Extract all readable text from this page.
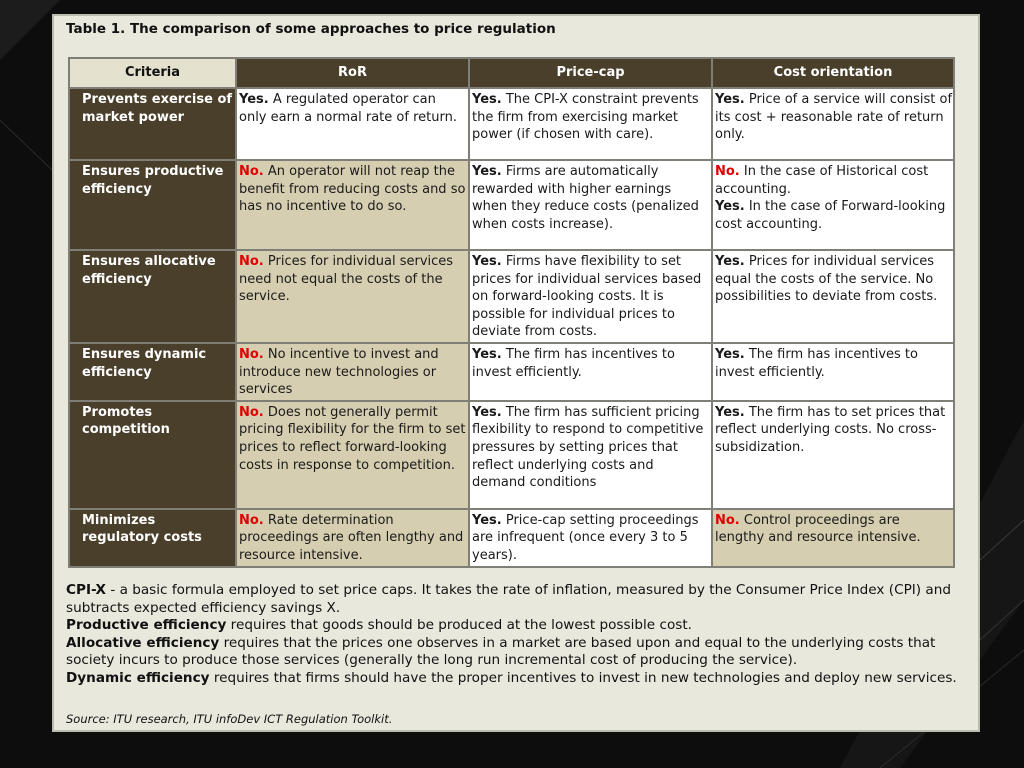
Table 1. The comparison of some approaches to price regulation
Criteria	RoR	Price-cap	Cost orientation
Prevents exercise of market power	Yes. A regulated operator can only earn a normal rate of return.	Yes. The CPI-X constraint prevents the firm from exercising market power (if chosen with care).	Yes. Price of a service will consist of its cost + reasonable rate of return only.

Ensures productive efficiency	No. An operator will not reap the benefit from reducing costs and so has no incentive to do so.	Yes. Firms are automatically rewarded with higher earnings when they reduce costs (penalized when costs increase).	No. In the case of Historical cost accounting.
Yes. In the case of Forward-looking cost accounting.

Ensures allocative efficiency	No. Prices for individual services need not equal the costs of the service.	Yes. Firms have flexibility to set prices for individual services based on forward-looking costs. It is possible for individual prices to deviate from costs.	Yes. Prices for individual services equal the costs of the service. No possibilities to deviate from costs.

Ensures dynamic efficiency	No. No incentive to invest and introduce new technologies or services	Yes. The firm has incentives to invest efficiently.	Yes. The firm has incentives to invest efficiently.

Promotes competition	No. Does not generally permit pricing flexibility for the firm to set prices to reflect forward-looking costs in response to competition.	Yes. The firm has sufficient pricing flexibility to respond to competitive pressures by setting prices that reflect underlying costs and demand conditions	Yes. The firm has to set prices that reflect underlying costs. No cross-subsidization.

Minimizes regulatory costs	No. Rate determination proceedings are often lengthy and resource intensive.	Yes. Price-cap setting proceedings are infrequent (once every 3 to 5 years).	No. Control proceedings are lengthy and resource intensive.

CPI-X - a basic formula employed to set price caps. It takes the rate of inflation, measured by the Consumer Price Index (CPI) and subtracts expected efficiency savings X.

Productive efficiency requires that goods should be produced at the lowest possible cost.

Allocative efficiency requires that the prices one observes in a market are based upon and equal to the underlying costs that society incurs to produce those services (generally the long run incremental cost of producing the service).

Dynamic efficiency requires that firms should have the proper incentives to invest in new technologies and deploy new services.

Source: ITU research, ITU infoDev ICT Regulation Toolkit.
